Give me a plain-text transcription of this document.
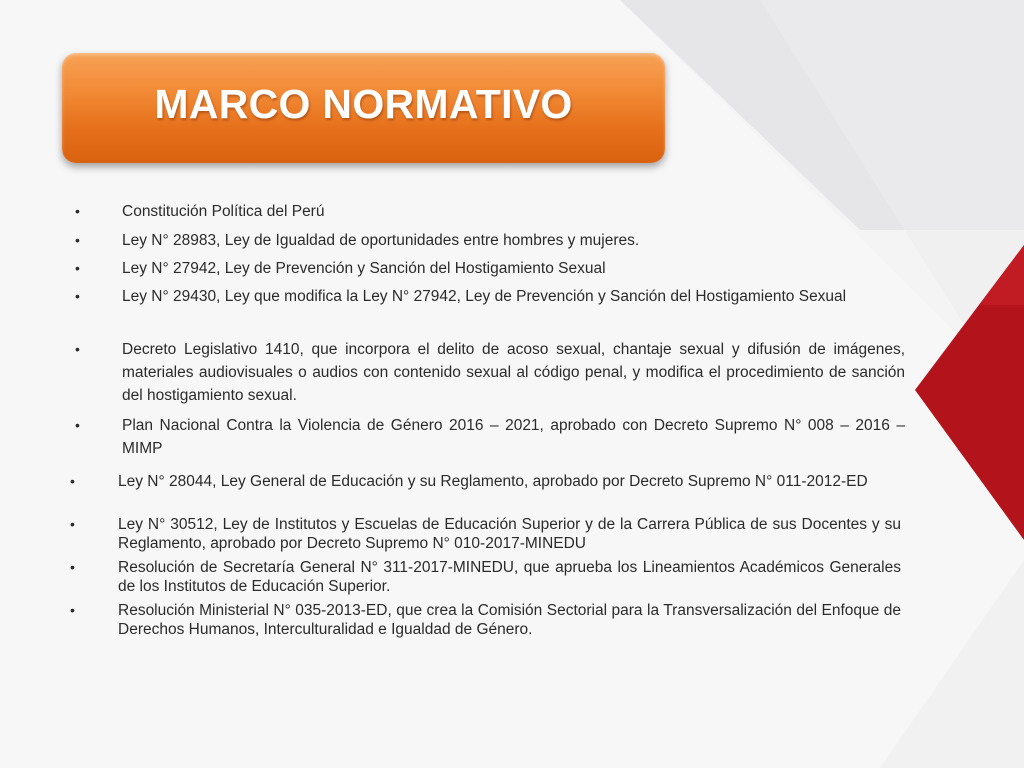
MARCO NORMATIVO
•	Constitución Política del Perú
•	Ley N° 28983, Ley de Igualdad de oportunidades entre hombres y mujeres.
•	Ley N° 27942, Ley de Prevención y Sanción del Hostigamiento Sexual
•	Ley N° 29430, Ley que modifica la Ley N° 27942, Ley de Prevención y Sanción del Hostigamiento Sexual
•	Decreto Legislativo 1410, que incorpora el delito de acoso sexual, chantaje sexual y difusión de imágenes, materiales audiovisuales o audios con contenido sexual al código penal, y modifica el procedimiento de sanción del hostigamiento sexual.
•	Plan Nacional Contra la Violencia de Género 2016 – 2021, aprobado con Decreto Supremo N° 008 – 2016 – MIMP
•	Ley N° 28044, Ley General de Educación y su Reglamento, aprobado por Decreto Supremo N° 011-2012-ED
•	Ley N° 30512, Ley de Institutos y Escuelas de Educación Superior y de la Carrera Pública de sus Docentes y su Reglamento, aprobado por Decreto Supremo N° 010-2017-MINEDU
•	Resolución de Secretaría General N° 311-2017-MINEDU, que aprueba los Lineamientos Académicos Generales de los Institutos de Educación Superior.
•	Resolución Ministerial N° 035-2013-ED, que crea la Comisión Sectorial para la Transversalización del Enfoque de Derechos Humanos, Interculturalidad e Igualdad de Género.
